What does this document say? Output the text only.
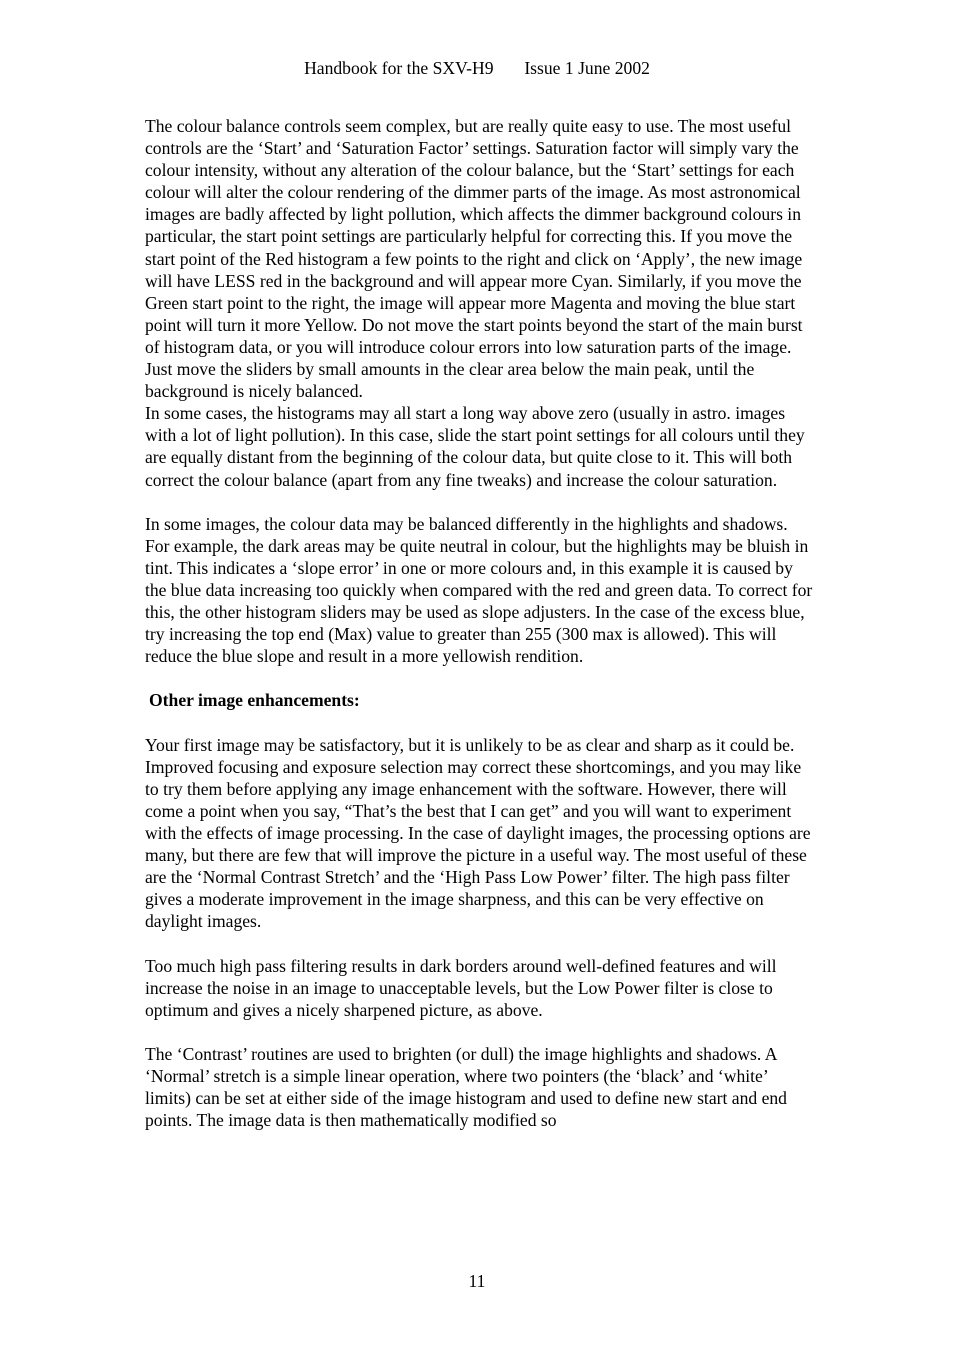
Handbook for the SXV-H9 Issue 1 June 2002

The colour balance controls seem complex, but are really quite easy to use. The most useful controls are the ‘Start’ and ‘Saturation Factor’ settings. Saturation factor will simply vary the colour intensity, without any alteration of the colour balance, but the ‘Start’ settings for each colour will alter the colour rendering of the dimmer parts of the image. As most astronomical images are badly affected by light pollution, which affects the dimmer background colours in particular, the start point settings are particularly helpful for correcting this. If you move the start point of the Red histogram a few points to the right and click on ‘Apply’, the new image will have LESS red in the background and will appear more Cyan. Similarly, if you move the Green start point to the right, the image will appear more Magenta and moving the blue start point will turn it more Yellow. Do not move the start points beyond the start of the main burst of histogram data, or you will introduce colour errors into low saturation parts of the image. Just move the sliders by small amounts in the clear area below the main peak, until the background is nicely balanced.

In some cases, the histograms may all start a long way above zero (usually in astro. images with a lot of light pollution). In this case, slide the start point settings for all colours until they are equally distant from the beginning of the colour data, but quite close to it. This will both correct the colour balance (apart from any fine tweaks) and increase the colour saturation.

In some images, the colour data may be balanced differently in the highlights and shadows. For example, the dark areas may be quite neutral in colour, but the highlights may be bluish in tint. This indicates a ‘slope error’ in one or more colours and, in this example it is caused by the blue data increasing too quickly when compared with the red and green data. To correct for this, the other histogram sliders may be used as slope adjusters. In the case of the excess blue, try increasing the top end (Max) value to greater than 255 (300 max is allowed). This will reduce the blue slope and result in a more yellowish rendition.

Other image enhancements:

Your first image may be satisfactory, but it is unlikely to be as clear and sharp as it could be. Improved focusing and exposure selection may correct these shortcomings, and you may like to try them before applying any image enhancement with the software. However, there will come a point when you say, “That’s the best that I can get” and you will want to experiment with the effects of image processing. In the case of daylight images, the processing options are many, but there are few that will improve the picture in a useful way. The most useful of these are the ‘Normal Contrast Stretch’ and the ‘High Pass Low Power’ filter. The high pass filter gives a moderate improvement in the image sharpness, and this can be very effective on daylight images.

Too much high pass filtering results in dark borders around well-defined features and will increase the noise in an image to unacceptable levels, but the Low Power filter is close to optimum and gives a nicely sharpened picture, as above.

The ‘Contrast’ routines are used to brighten (or dull) the image highlights and shadows. A ‘Normal’ stretch is a simple linear operation, where two pointers (the ‘black’ and ‘white’ limits) can be set at either side of the image histogram and used to define new start and end points. The image data is then mathematically modified so

11
